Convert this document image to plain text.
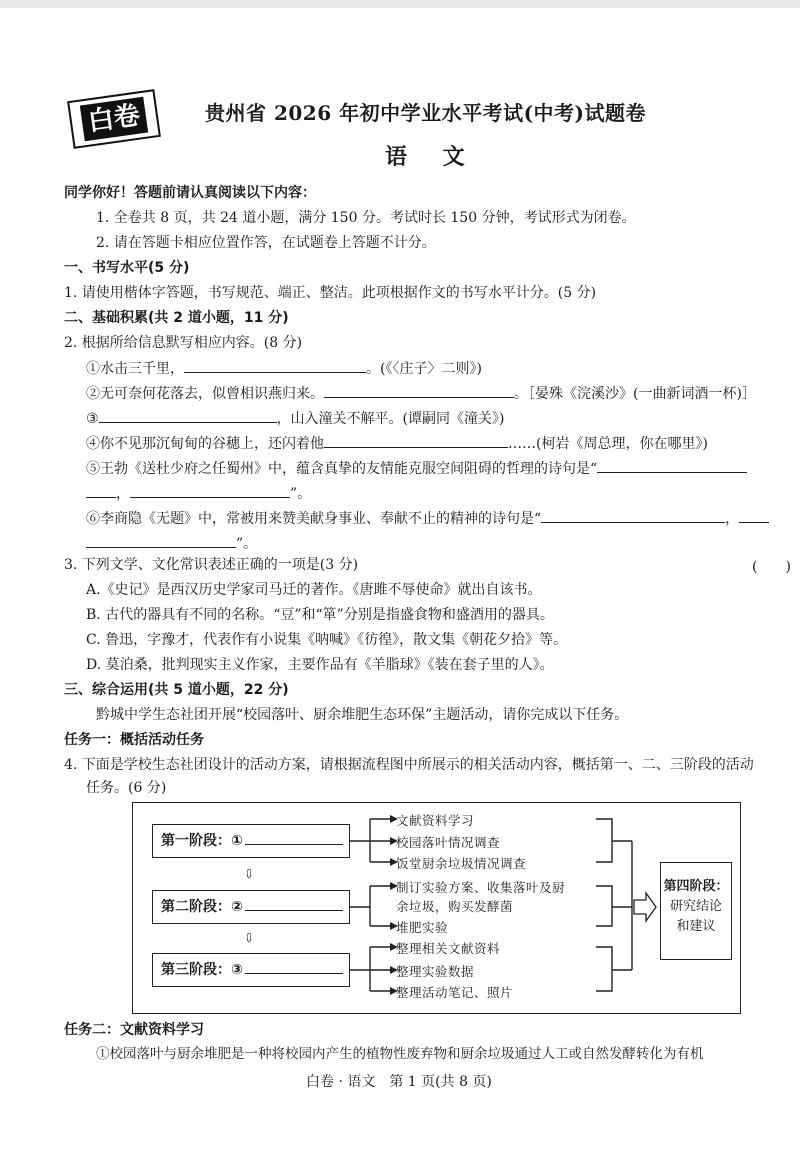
白卷	贵州省 2026 年初中学业水平考试(中考)试题卷
语 文
同学你好！答题前请认真阅读以下内容：
1. 全卷共 8 页，共 24 道小题，满分 150 分。考试时长 150 分钟，考试形式为闭卷。
2. 请在答题卡相应位置作答，在试题卷上答题不计分。
一、书写水平(5 分)
1. 请使用楷体字答题，书写规范、端正、整洁。此项根据作文的书写水平计分。(5 分)
二、基础积累(共 2 道小题，11 分)
2. 根据所给信息默写相应内容。(8 分)
①水击三千里，	。(《〈庄子〉二则》)
②无可奈何花落去，似曾相识燕归来。	。［晏殊《浣溪沙》(一曲新词酒一杯)］
③	，山入潼关不解平。(谭嗣同《潼关》)
④你不见那沉甸甸的谷穗上，还闪着他	……(柯岩《周总理，你在哪里》)
⑤王勃《送杜少府之任蜀州》中，蕴含真挚的友情能克服空间阻碍的哲理的诗句是“
，	”。
⑥李商隐《无题》中，常被用来赞美献身事业、奉献不止的精神的诗句是“	，
”。
3. 下列文学、文化常识表述正确的一项是(3 分)	(　　)
A.《史记》是西汉历史学家司马迁的著作。《唐雎不辱使命》就出自该书。
B. 古代的器具有不同的名称。“豆”和“箪”分别是指盛食物和盛酒用的器具。
C. 鲁迅，字豫才，代表作有小说集《呐喊》《彷徨》，散文集《朝花夕拾》等。
D. 莫泊桑，批判现实主义作家，主要作品有《羊脂球》《装在套子里的人》。
三、综合运用(共 5 道小题，22 分)
黔城中学生态社团开展“校园落叶、厨余堆肥生态环保”主题活动，请你完成以下任务。
任务一：概括活动任务
4. 下面是学校生态社团设计的活动方案，请根据流程图中所展示的相关活动内容，概括第一、二、三阶段的活动
任务。(6 分)
第一阶段：①
⇩
第二阶段：②
⇩
第三阶段：③
文献资料学习
校园落叶情况调查
饭堂厨余垃圾情况调查
制订实验方案、收集落叶及厨
余垃圾，购买发酵菌
堆肥实验
整理相关文献资料
整理实验数据
整理活动笔记、照片
第四阶段：
研究结论
和建议
任务二：文献资料学习
①校园落叶与厨余堆肥是一种将校园内产生的植物性废弃物和厨余垃圾通过人工或自然发酵转化为有机
白卷 · 语文　第 1 页(共 8 页)
